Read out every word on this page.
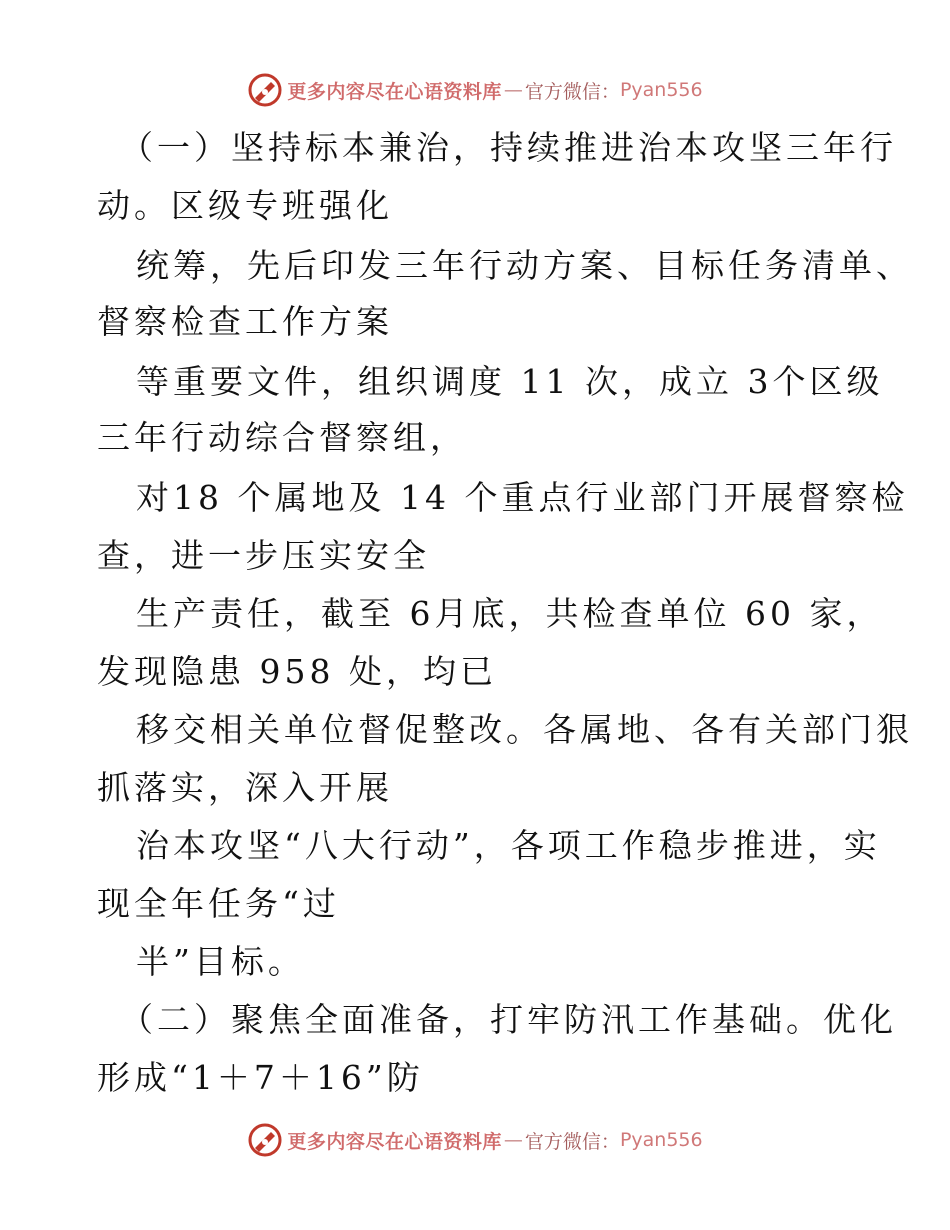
更多内容尽在心语资料库 — 官方微信： Pyan556
（一）坚持标本兼治，持续推进治本攻坚三年行
动。区级专班强化
统筹，先后印发三年行动方案、目标任务清单、
督察检查工作方案
等重要文件，组织调度 11 次，成立 3个区级
三年行动综合督察组，
对18 个属地及 14 个重点行业部门开展督察检
查，进一步压实安全
生产责任，截至 6月底，共检查单位 60 家，
发现隐患 958 处，均已
移交相关单位督促整改。各属地、各有关部门狠
抓落实，深入开展
治本攻坚“八大行动”，各项工作稳步推进，实
现全年任务“过
半”目标。
（二）聚焦全面准备，打牢防汛工作基础。优化
形成“1＋7＋16”防
更多内容尽在心语资料库 — 官方微信： Pyan556
